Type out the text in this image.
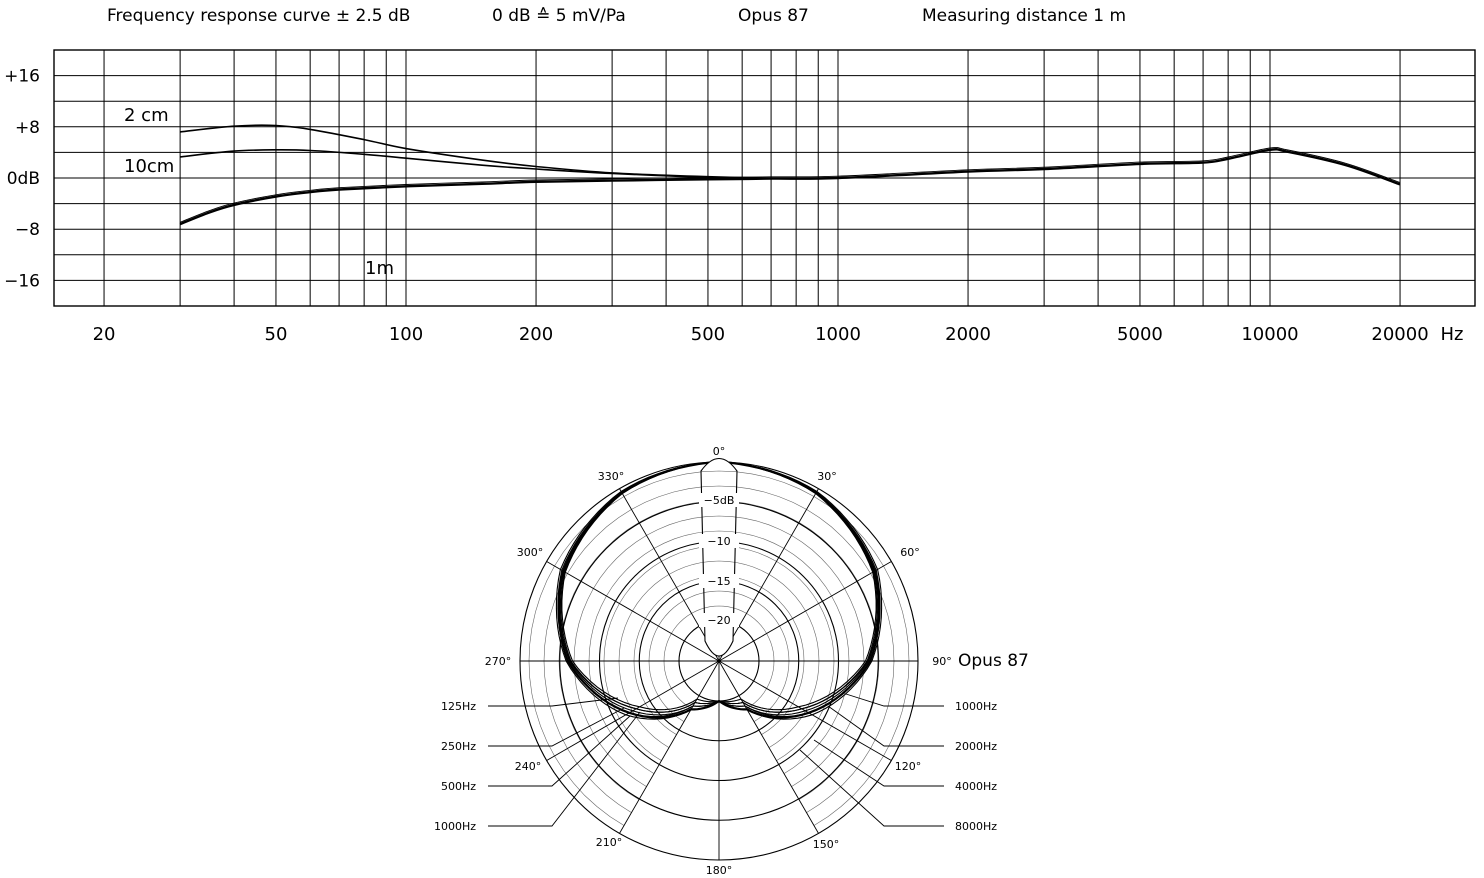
Frequency response curve ± 2.5 dB	0 dB ≙ 5 mV/Pa	Opus 87	Measuring distance 1 m
+16
+8
0dB
−8
−16
20	50	100	200	500	1000	2000	5000	10000	20000 Hz
2 cm
10cm
1m
0°
30°
60°
90°
120°
150°
180°
210°
240°
270°
300°
330°
−5dB
−10
−15
−20
Opus 87
125Hz
250Hz
500Hz
1000Hz
1000Hz
2000Hz
4000Hz
8000Hz
